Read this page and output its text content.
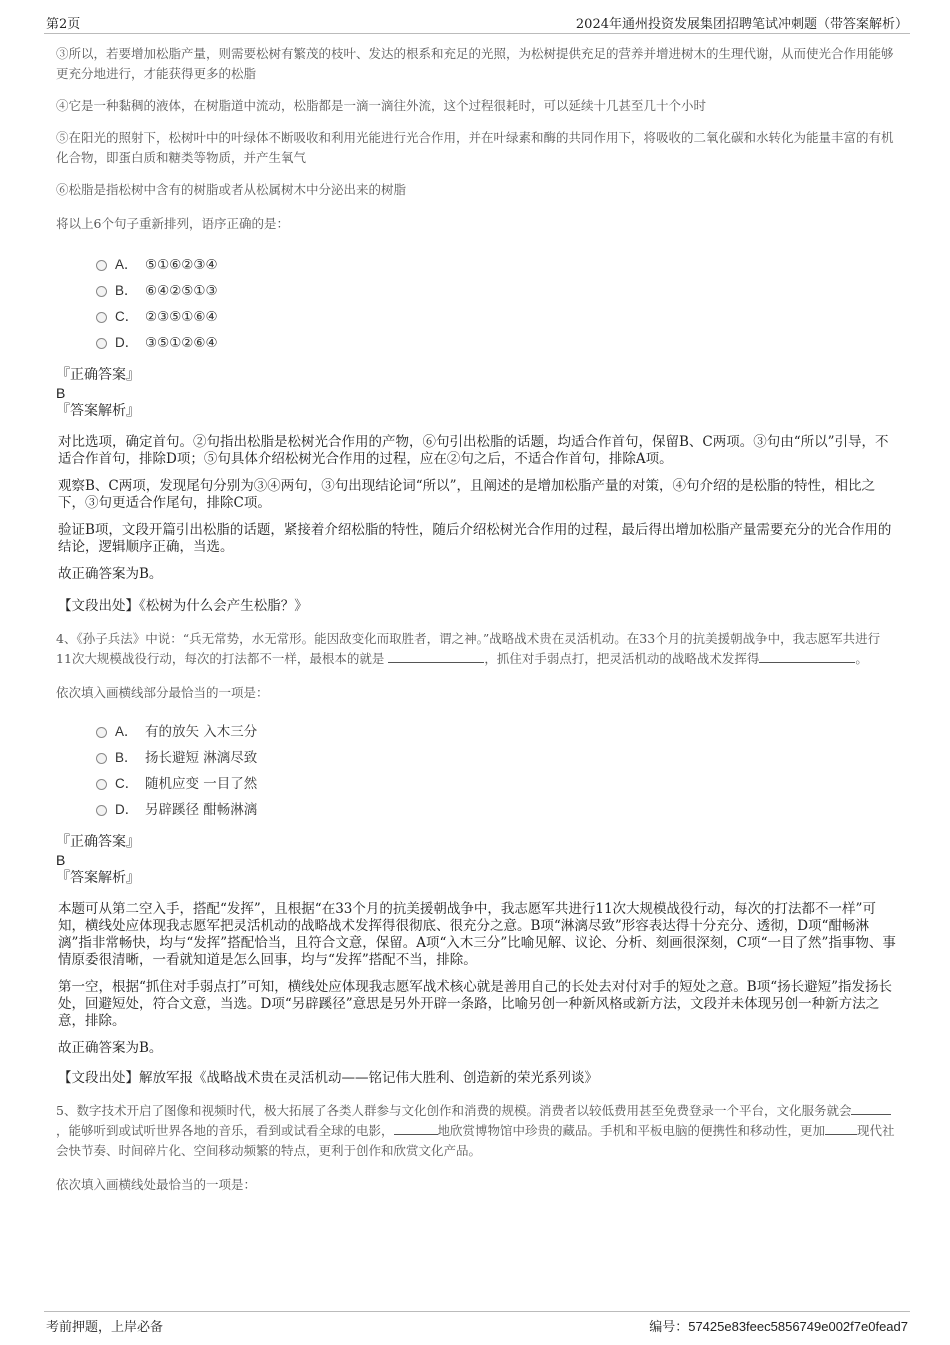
第2页	2024年通州投资发展集团招聘笔试冲刺题（带答案解析）

③所以，若要增加松脂产量，则需要松树有繁茂的枝叶、发达的根系和充足的光照，为松树提供充足的营养并增进树木的生理代谢，从而使光合作用能够更充分地进行，才能获得更多的松脂

④它是一种黏稠的液体，在树脂道中流动，松脂都是一滴一滴往外流，这个过程很耗时，可以延续十几甚至几十个小时

⑤在阳光的照射下，松树叶中的叶绿体不断吸收和利用光能进行光合作用，并在叶绿素和酶的共同作用下，将吸收的二氧化碳和水转化为能量丰富的有机化合物，即蛋白质和糖类等物质，并产生氧气

⑥松脂是指松树中含有的树脂或者从松属树木中分泌出来的树脂

将以上6个句子重新排列，语序正确的是：

A． ⑤①⑥②③④
B． ⑥④②⑤①③
C． ②③⑤①⑥④
D． ③⑤①②⑥④

『正确答案』

B

『答案解析』

对比选项，确定首句。②句指出松脂是松树光合作用的产物，⑥句引出松脂的话题，均适合作首句，保留B、C两项。③句由“所以”引导，不适合作首句，排除D项；⑤句具体介绍松树光合作用的过程，应在②句之后，不适合作首句，排除A项。

观察B、C两项，发现尾句分别为③④两句，③句出现结论词“所以”，且阐述的是增加松脂产量的对策，④句介绍的是松脂的特性，相比之下，③句更适合作尾句，排除C项。

验证B项，文段开篇引出松脂的话题，紧接着介绍松脂的特性，随后介绍松树光合作用的过程，最后得出增加松脂产量需要充分的光合作用的结论，逻辑顺序正确，当选。

故正确答案为B。

【文段出处】《松树为什么会产生松脂？》

4、《孙子兵法》中说：“兵无常势，水无常形。能因敌变化而取胜者，谓之神。”战略战术贵在灵活机动。在33个月的抗美援朝战争中，我志愿军共进行11次大规模战役行动，每次的打法都不一样，最根本的就是	，抓住对手弱点打，把灵活机动的战略战术发挥得	。

依次填入画横线部分最恰当的一项是：

A． 有的放矢 入木三分
B． 扬长避短 淋漓尽致
C． 随机应变 一目了然
D． 另辟蹊径 酣畅淋漓

『正确答案』

B

『答案解析』

本题可从第二空入手，搭配“发挥”，且根据“在33个月的抗美援朝战争中，我志愿军共进行11次大规模战役行动，每次的打法都不一样”可知，横线处应体现我志愿军把灵活机动的战略战术发挥得很彻底、很充分之意。B项“淋漓尽致”形容表达得十分充分、透彻，D项“酣畅淋漓”指非常畅快，均与“发挥”搭配恰当，且符合文意，保留。A项“入木三分”比喻见解、议论、分析、刻画很深刻，C项“一目了然”指事物、事情原委很清晰，一看就知道是怎么回事，均与“发挥”搭配不当，排除。

第一空，根据“抓住对手弱点打”可知，横线处应体现我志愿军战术核心就是善用自己的长处去对付对手的短处之意。B项“扬长避短”指发扬长处，回避短处，符合文意，当选。D项“另辟蹊径”意思是另外开辟一条路，比喻另创一种新风格或新方法，文段并未体现另创一种新方法之意，排除。

故正确答案为B。

【文段出处】解放军报《战略战术贵在灵活机动——铭记伟大胜利、创造新的荣光系列谈》

5、数字技术开启了图像和视频时代，极大拓展了各类人群参与文化创作和消费的规模。消费者以较低费用甚至免费登录一个平台，文化服务就会，能够听到或试听世界各地的音乐，看到或试看全球的电影，	地欣赏博物馆中珍贵的藏品。手机和平板电脑的便携性和移动性，更加	现代社会快节奏、时间碎片化、空间移动频繁的特点，更利于创作和欣赏文化产品。

依次填入画横线处最恰当的一项是：

考前押题，上岸必备	编号：57425e83feec5856749e002f7e0fead7
